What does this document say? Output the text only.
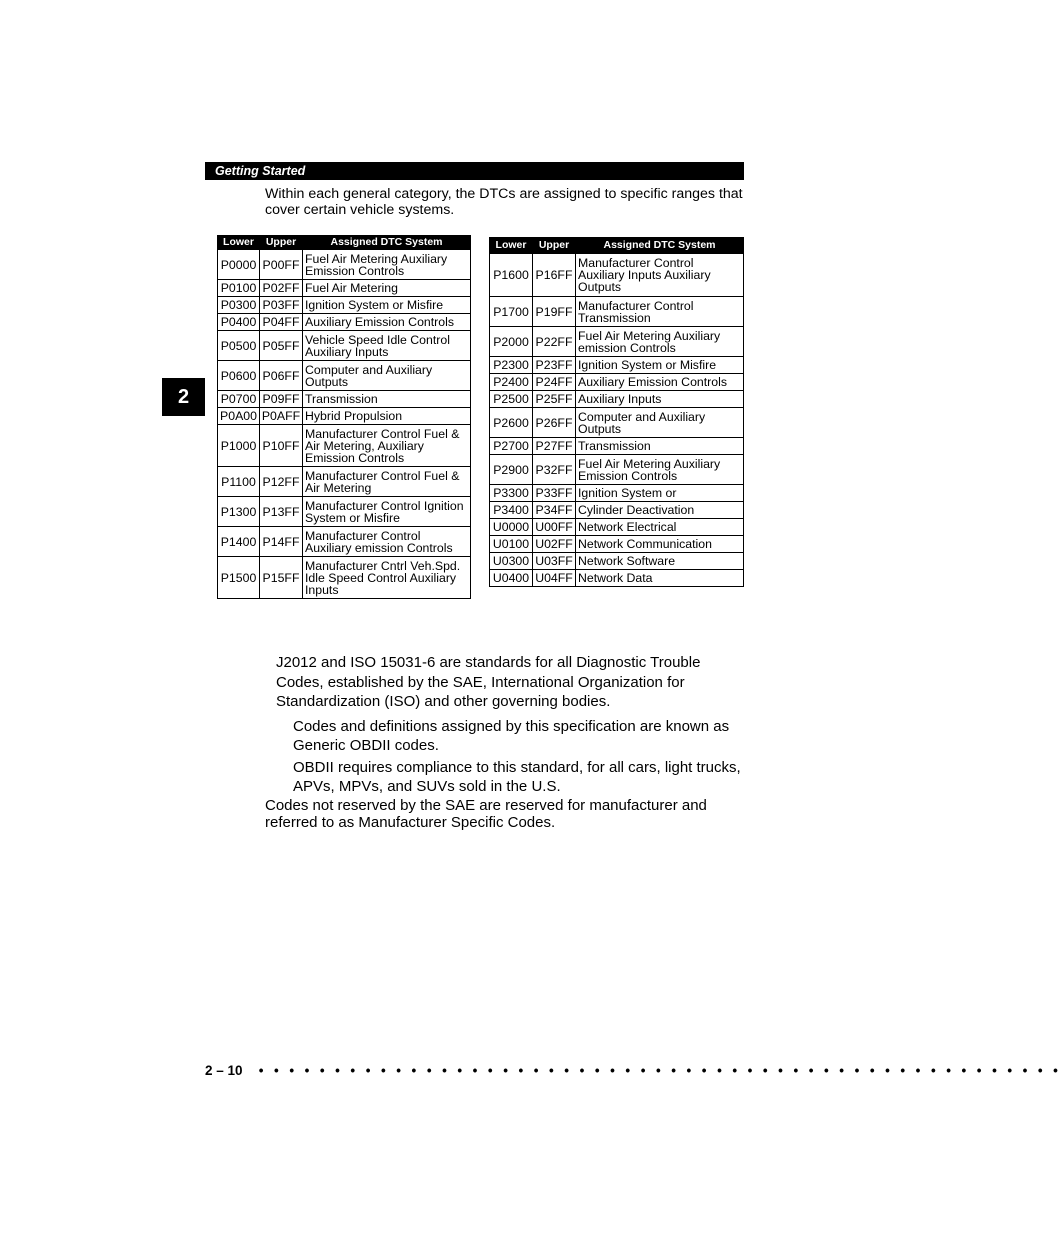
Getting Started
2
Within each general category, the DTCs are assigned to specific ranges that cover certain vehicle systems.
Lower	Upper	Assigned DTC System
P0000	P00FF	Fuel Air Metering Auxiliary Emission Controls
P0100	P02FF	Fuel Air Metering
P0300	P03FF	Ignition System or Misfire
P0400	P04FF	Auxiliary Emission Controls
P0500	P05FF	Vehicle Speed Idle Control Auxiliary Inputs
P0600	P06FF	Computer and Auxiliary Outputs
P0700	P09FF	Transmission
P0A00	P0AFF	Hybrid Propulsion
P1000	P10FF	Manufacturer Control Fuel & Air Metering, Auxiliary Emission Controls
P1100	P12FF	Manufacturer Control Fuel & Air Metering
P1300	P13FF	Manufacturer Control Ignition System or Misfire
P1400	P14FF	Manufacturer Control Auxiliary emission Controls
P1500	P15FF	Manufacturer Cntrl Veh.Spd. Idle Speed Control Auxiliary Inputs
Lower	Upper	Assigned DTC System
P1600	P16FF	Manufacturer Control Auxiliary Inputs Auxiliary Outputs
P1700	P19FF	Manufacturer Control Transmission
P2000	P22FF	Fuel Air Metering Auxiliary emission Controls
P2300	P23FF	Ignition System or Misfire
P2400	P24FF	Auxiliary Emission Controls
P2500	P25FF	Auxiliary Inputs
P2600	P26FF	Computer and Auxiliary Outputs
P2700	P27FF	Transmission
P2900	P32FF	Fuel Air Metering Auxiliary Emission Controls
P3300	P33FF	Ignition System or
P3400	P34FF	Cylinder Deactivation
U0000	U00FF	Network Electrical
U0100	U02FF	Network Communication
U0300	U03FF	Network Software
U0400	U04FF	Network Data
J2012 and ISO 15031-6 are standards for all Diagnostic Trouble Codes, established by the SAE, International Organization for Standardization (ISO) and other governing bodies.
Codes and definitions assigned by this specification are known as Generic OBDII codes.
OBDII requires compliance to this standard, for all cars, light trucks, APVs, MPVs, and SUVs sold in the U.S.
Codes not reserved by the SAE are reserved for manufacturer and referred to as Manufacturer Specific Codes.
2 – 10 • • • • • • • • • • • • • • • • • • • • • • • • • • • • • • • • • • • • • • • • • • • • • • • • • • • • •
